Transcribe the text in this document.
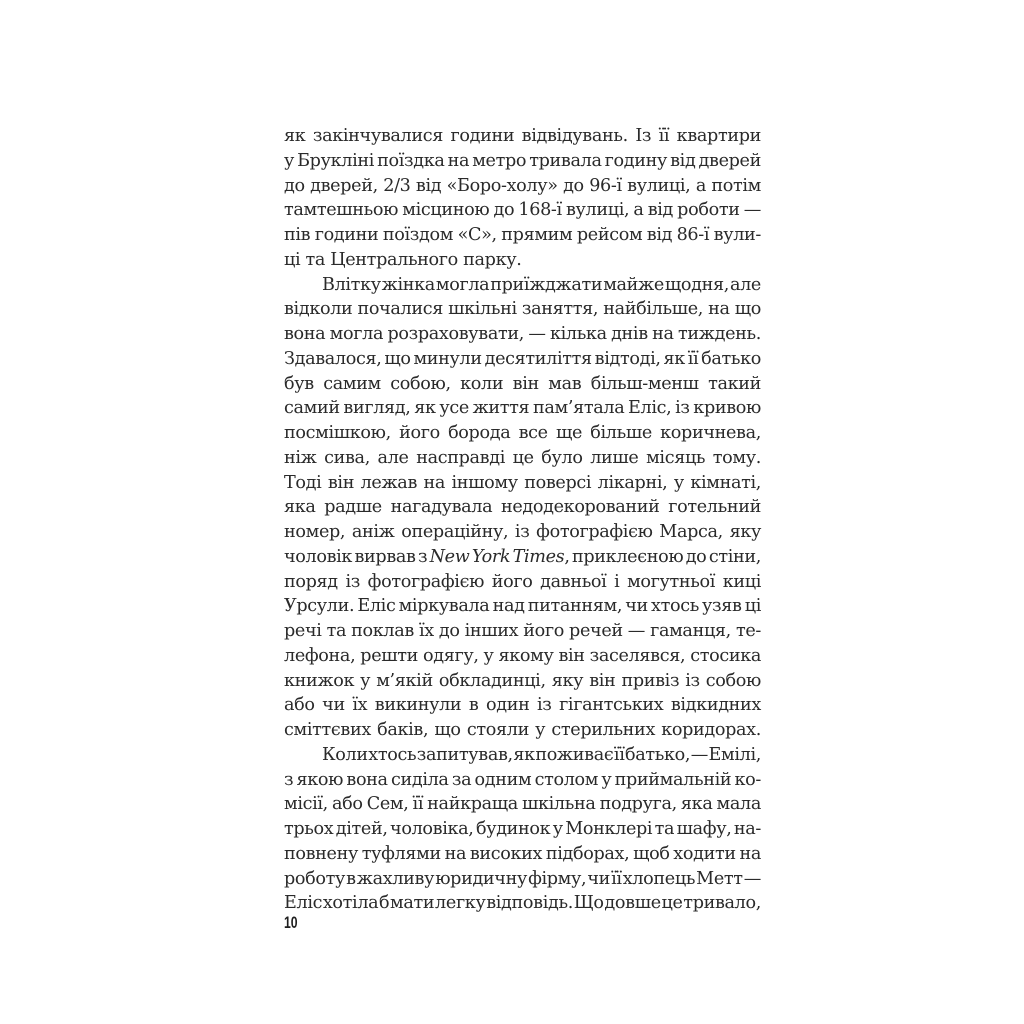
як закінчувалися години відвідувань. Із її квартири
у Брукліні поїздка на метро тривала годину від дверей
до дверей, 2/3 від «Боро-холу» до 96-ї вулиці, а потім
тамтешньою місциною до 168-ї вулиці, а від роботи —
пів години поїздом «С», прямим рейсом від 86-ї вули-
ці та Центрального парку.
Влітку жінка могла приїжджати майже щодня, але
відколи почалися шкільні заняття, найбільше, на що
вона могла розраховувати, — кілька днів на тиждень.
Здавалося, що минули десятиліття відтоді, як її батько
був самим собою, коли він мав більш-менш такий
самий вигляд, як усе життя пам’ятала Еліс, із кривою
посмішкою, його борода все ще більше коричнева,
ніж сива, але насправді це було лише місяць тому.
Тоді він лежав на іншому поверсі лікарні, у кімнаті,
яка радше нагадувала недодекорований готельний
номер, аніж операційну, із фотографією Марса, яку
чоловік вирвав з New York Times, приклеєною до стіни,
поряд із фотографією його давньої і могутньої киці
Урсули. Еліс міркувала над питанням, чи хтось узяв ці
речі та поклав їх до інших його речей — гаманця, те-
лефона, решти одягу, у якому він заселявся, стосика
книжок у м’якій обкладинці, яку він привіз із собою
або чи їх викинули в один із гігантських відкидних
сміттєвих баків, що стояли у стерильних коридорах.
Коли хтось запитував, як поживає її батько, — Емілі,
з якою вона сиділа за одним столом у приймальній ко-
місії, або Сем, її найкраща шкільна подруга, яка мала
трьох дітей, чоловіка, будинок у Монклері та шафу, на-
повнену туфлями на високих підборах, щоб ходити на
роботу в жахливу юридичну фірму, чи її хлопець Метт —
Еліс хотіла б мати легку відповідь. Що довше це тривало,
10
